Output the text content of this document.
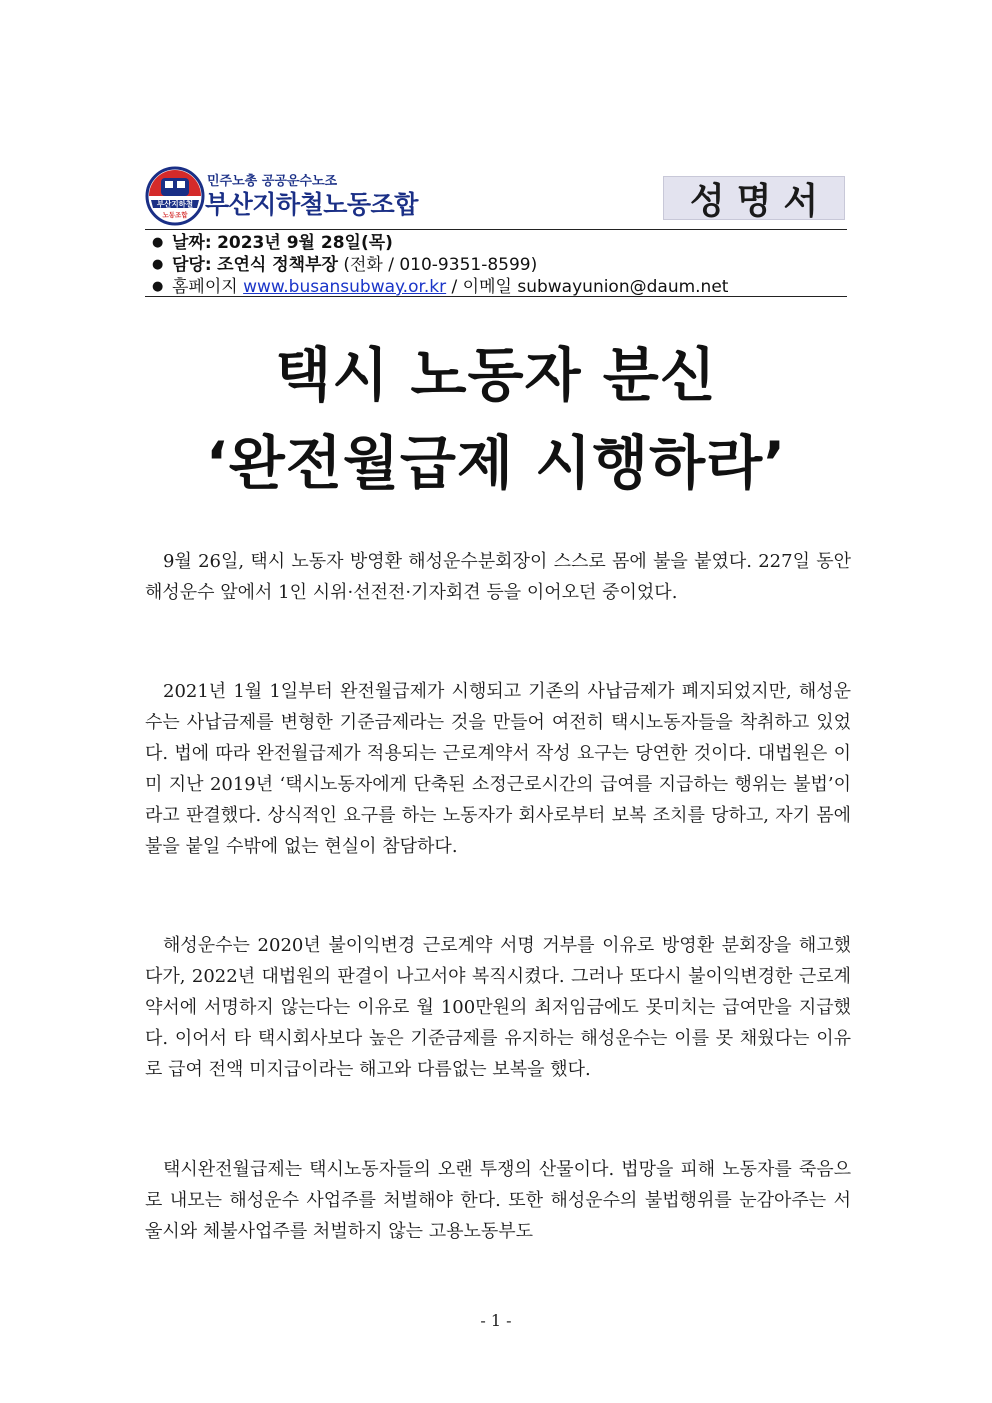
부산지하철
노동조합
민주노총 공공운수노조
부산지하철노동조합	성명서
● 날짜: 2023년 9월 28일(목)
● 담당: 조연식 정책부장 (전화 / 010-9351-8599)
● 홈페이지 www.busansubway.or.kr / 이메일 subwayunion@daum.net
택시 노동자 분신
‘완전월급제 시행하라’

9월 26일, 택시 노동자 방영환 해성운수분회장이 스스로 몸에 불을 붙였다. 227일 동안 해성운수 앞에서 1인 시위·선전전·기자회견 등을 이어오던 중이었다.

2021년 1월 1일부터 완전월급제가 시행되고 기존의 사납금제가 폐지되었지만, 해성운수는 사납금제를 변형한 기준금제라는 것을 만들어 여전히 택시노동자들을 착취하고 있었다. 법에 따라 완전월급제가 적용되는 근로계약서 작성 요구는 당연한 것이다. 대법원은 이미 지난 2019년 ‘택시노동자에게 단축된 소정근로시간의 급여를 지급하는 행위는 불법’이라고 판결했다. 상식적인 요구를 하는 노동자가 회사로부터 보복 조치를 당하고, 자기 몸에 불을 붙일 수밖에 없는 현실이 참담하다.

해성운수는 2020년 불이익변경 근로계약 서명 거부를 이유로 방영환 분회장을 해고했다가, 2022년 대법원의 판결이 나고서야 복직시켰다. 그러나 또다시 불이익변경한 근로계약서에 서명하지 않는다는 이유로 월 100만원의 최저임금에도 못미치는 급여만을 지급했다. 이어서 타 택시회사보다 높은 기준금제를 유지하는 해성운수는 이를 못 채웠다는 이유로 급여 전액 미지급이라는 해고와 다름없는 보복을 했다.

택시완전월급제는 택시노동자들의 오랜 투쟁의 산물이다. 법망을 피해 노동자를 죽음으로 내모는 해성운수 사업주를 처벌해야 한다. 또한 해성운수의 불법행위를 눈감아주는 서울시와 체불사업주를 처벌하지 않는 고용노동부도

- 1 -
